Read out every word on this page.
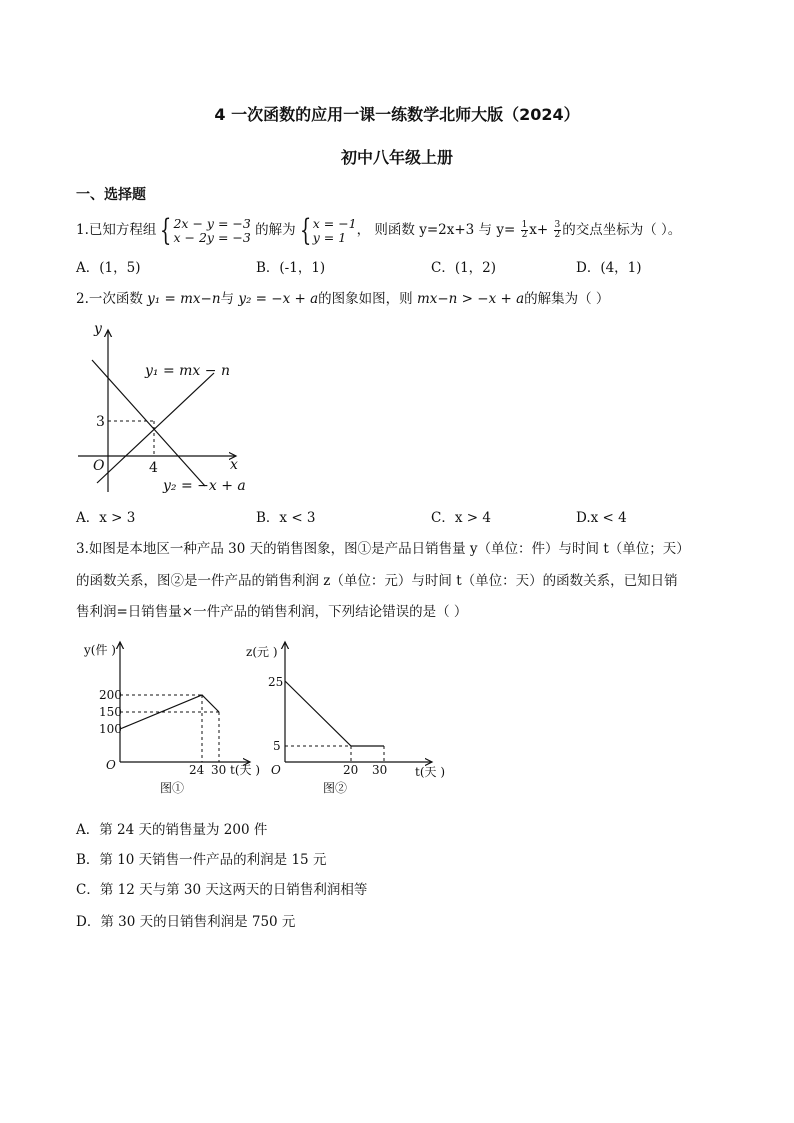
4 一次函数的应用一课一练数学北师大版（2024）
初中八年级上册
一、选择题
1.已知方程组 { 2x − y = −3
x − 2y = −3 的解为 { x = −1
y = 1 ， 则函数 y=2x+3 与 $y= \frac{1}{2} x+ \frac{3}{2}$ 的交点坐标为（ ）。
A．(1，5)	B．(-1，1)	C．(1，2)	D．(4，1)
2.一次函数 y₁ = mx−n与 y₂ = −x + a的图象如图，则 mx−n > −x + a的解集为（ ）
y
x
O	4
3
y₁ = mx − n
y₂ = −x + a
A．x > 3	B．x < 3	C．x > 4	D.x < 4
3.如图是本地区一种产品 30 天的销售图象，图①是产品日销售量 y（单位：件）与时间 t（单位；天）
的函数关系，图②是一件产品的销售利润 z（单位：元）与时间 t（单位：天）的函数关系，已知日销
售利润=日销售量×一件产品的销售利润，下列结论错误的是（ ）
y(件 )
200
150
100
O	24 30 t(天 )
图①
z(元 )
25
5
O	20 30 t(天 )
图②
A．第 24 天的销售量为 200 件
B．第 10 天销售一件产品的利润是 15 元
C．第 12 天与第 30 天这两天的日销售利润相等
D．第 30 天的日销售利润是 750 元
